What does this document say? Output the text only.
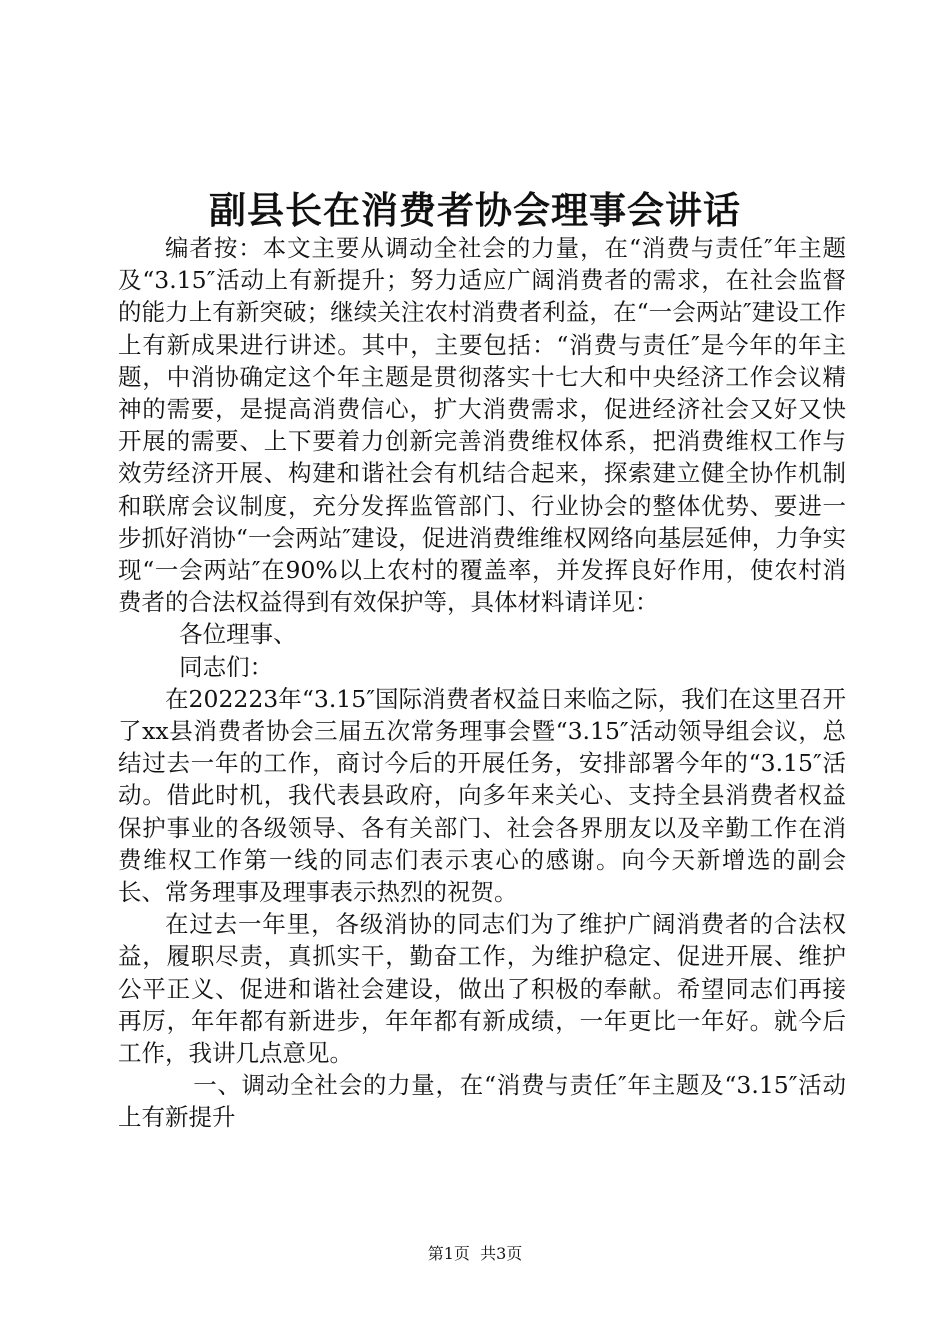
副县长在消费者协会理事会讲话

编者按：本文主要从调动全社会的力量，在“消费与责任″年主题及“3.15″活动上有新提升；努力适应广阔消费者的需求，在社会监督的能力上有新突破；继续关注农村消费者利益，在“一会两站″建设工作上有新成果进行讲述。其中，主要包括：“消费与责任″是今年的年主题，中消协确定这个年主题是贯彻落实十七大和中央经济工作会议精神的需要，是提高消费信心，扩大消费需求，促进经济社会又好又快开展的需要、上下要着力创新完善消费维权体系，把消费维权工作与效劳经济开展、构建和谐社会有机结合起来，探索建立健全协作机制和联席会议制度，充分发挥监管部门、行业协会的整体优势、要进一步抓好消协“一会两站″建设，促进消费维维权网络向基层延伸，力争实现“一会两站″在90%以上农村的覆盖率，并发挥良好作用，使农村消费者的合法权益得到有效保护等，具体材料请详见：

各位理事、

同志们：

在202223年“3.15″国际消费者权益日来临之际，我们在这里召开了xx县消费者协会三届五次常务理事会暨“3.15″活动领导组会议，总结过去一年的工作，商讨今后的开展任务，安排部署今年的“3.15″活动。借此时机，我代表县政府，向多年来关心、支持全县消费者权益保护事业的各级领导、各有关部门、社会各界朋友以及辛勤工作在消费维权工作第一线的同志们表示衷心的感谢。向今天新增选的副会长、常务理事及理事表示热烈的祝贺。

在过去一年里，各级消协的同志们为了维护广阔消费者的合法权益，履职尽责，真抓实干，勤奋工作，为维护稳定、促进开展、维护公平正义、促进和谐社会建设，做出了积极的奉献。希望同志们再接再厉，年年都有新进步，年年都有新成绩，一年更比一年好。就今后工作，我讲几点意见。

一、调动全社会的力量，在“消费与责任″年主题及“3.15″活动上有新提升

第1页 共3页
